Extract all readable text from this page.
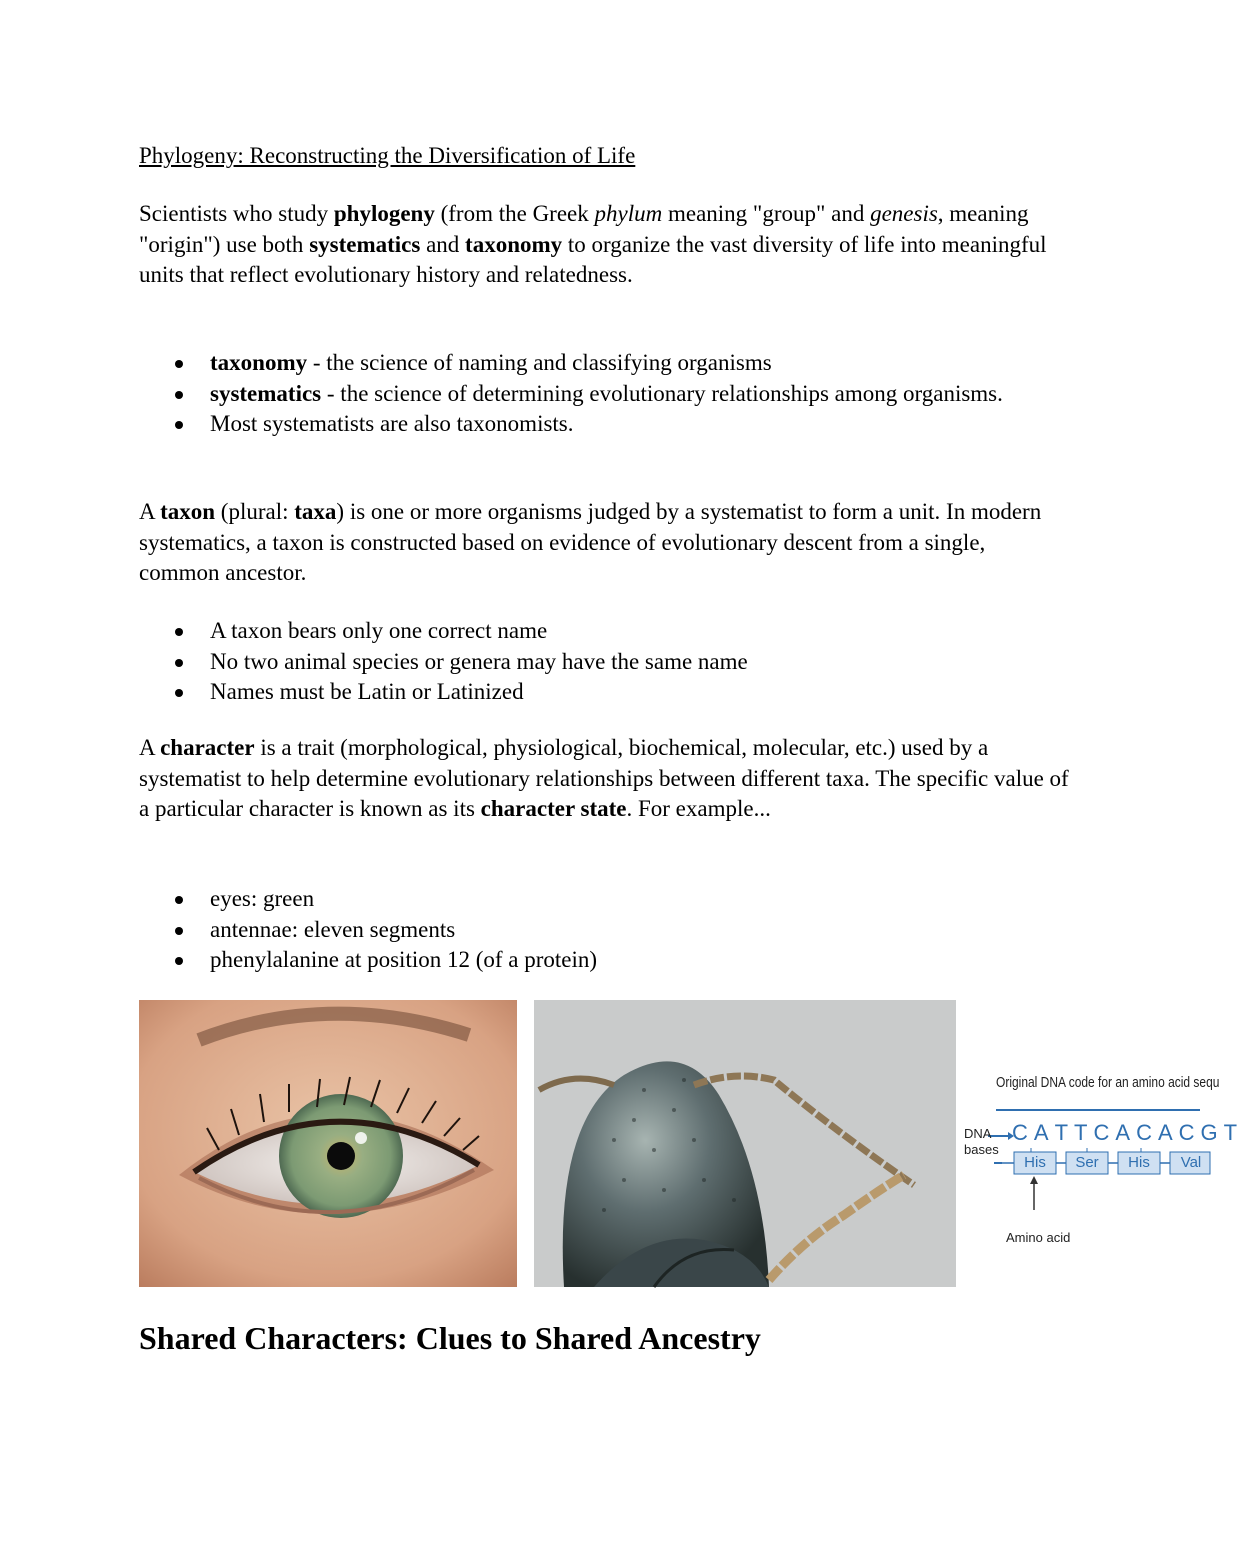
Phylogeny: Reconstructing the Diversification of Life

Scientists who study phylogeny (from the Greek phylum meaning "group" and genesis, meaning "origin") use both systematics and taxonomy to organize the vast diversity of life into meaningful units that reflect evolutionary history and relatedness.

taxonomy - the science of naming and classifying organisms
systematics - the science of determining evolutionary relationships among organisms.
Most systematists are also taxonomists.

A taxon (plural: taxa) is one or more organisms judged by a systematist to form a unit. In modern systematics, a taxon is constructed based on evidence of evolutionary descent from a single, common ancestor.

A taxon bears only one correct name
No two animal species or genera may have the same name
Names must be Latin or Latinized

A character is a trait (morphological, physiological, biochemical, molecular, etc.) used by a systematist to help determine evolutionary relationships between different taxa. The specific value of a particular character is known as its character state. For example...

eyes: green
antennae: eleven segments
phenylalanine at position 12 (of a protein)
Original DNA code for an amino acid sequ
DNA
bases
C A T T C A C A C G T
His	Ser	His	Val
Amino acid
Shared Characters: Clues to Shared Ancestry
